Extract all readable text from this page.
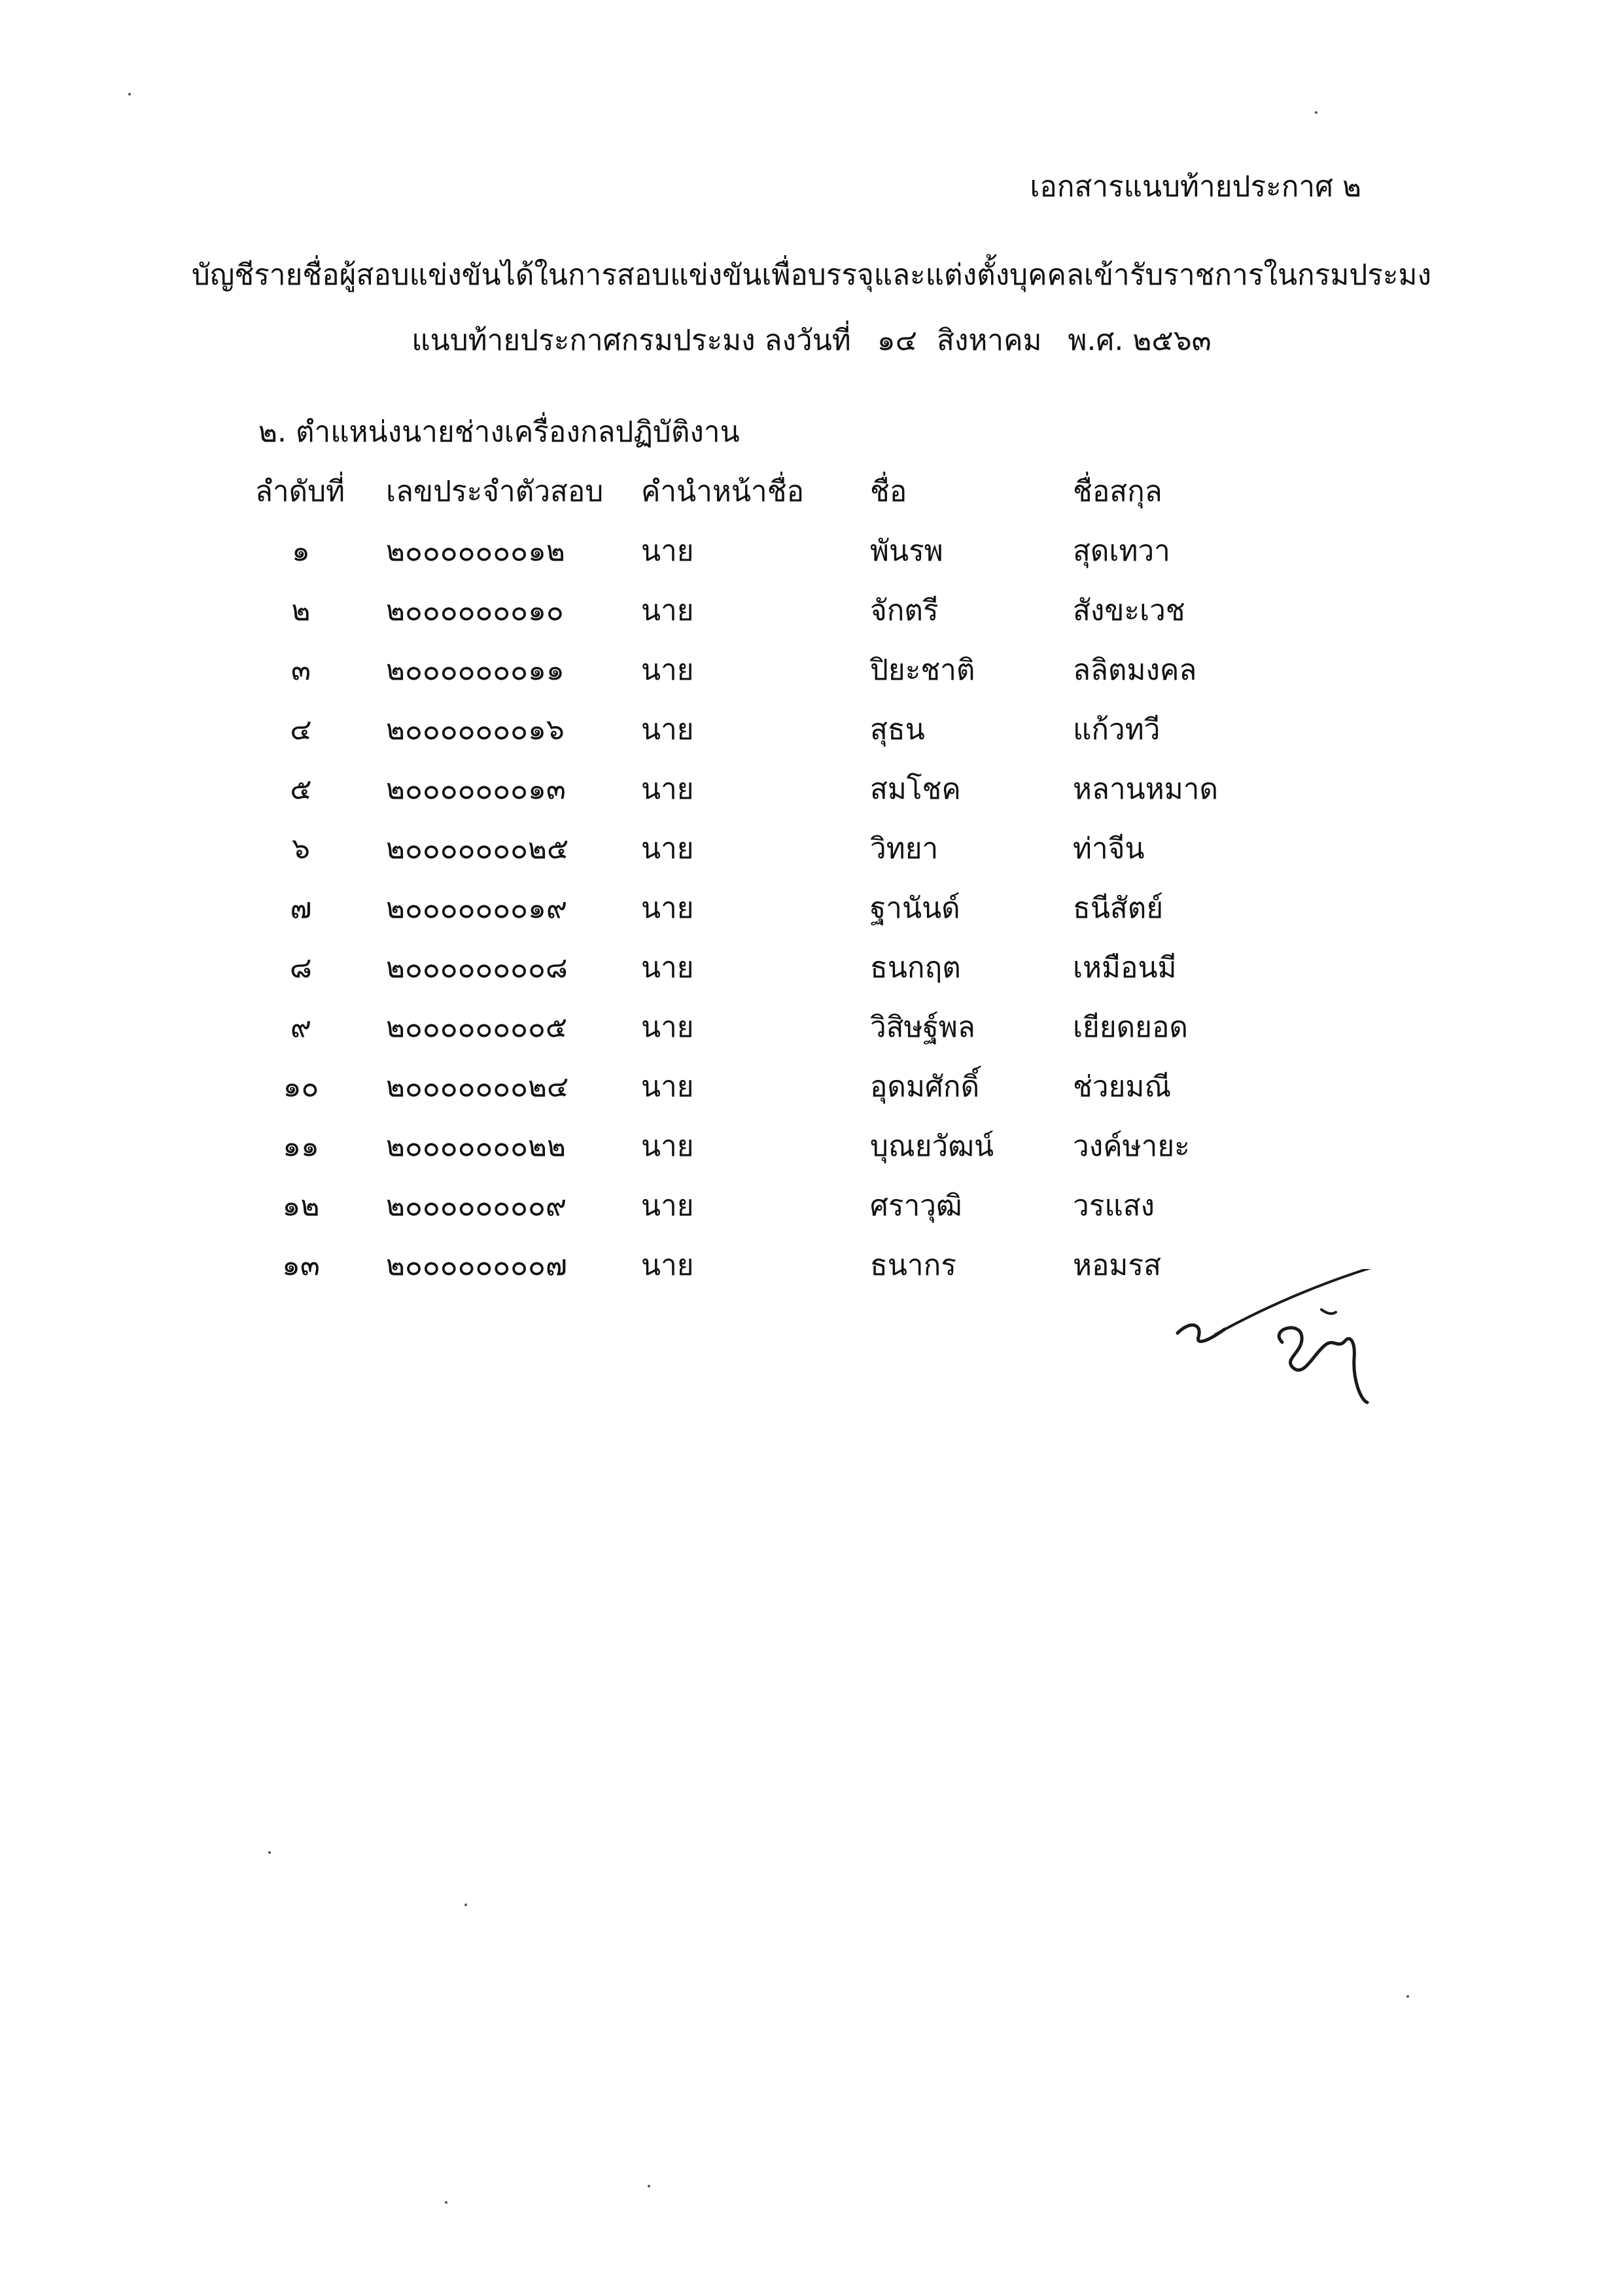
เอกสารแนบท้ายประกาศ ๒
บัญชีรายชื่อผู้สอบแข่งขันได้ในการสอบแข่งขันเพื่อบรรจุและแต่งตั้งบุคคลเข้ารับราชการในกรมประมง
แนบท้ายประกาศกรมประมง ลงวันที่ ๑๔ สิงหาคม พ.ศ. ๒๕๖๓
๒. ตำแหน่งนายช่างเครื่องกลปฏิบัติงาน
ลำดับที่	เลขประจำตัวสอบ	คำนำหน้าชื่อ	ชื่อ	ชื่อสกุล
๑	๒๐๐๐๐๐๐๐๑๒	นาย	พันรพ	สุดเทวา
๒	๒๐๐๐๐๐๐๐๑๐	นาย	จักตรี	สังขะเวช
๓	๒๐๐๐๐๐๐๐๑๑	นาย	ปิยะชาติ	ลลิตมงคล
๔	๒๐๐๐๐๐๐๐๑๖	นาย	สุธน	แก้วทวี
๕	๒๐๐๐๐๐๐๐๑๓	นาย	สมโชค	หลานหมาด
๖	๒๐๐๐๐๐๐๐๒๕	นาย	วิทยา	ท่าจีน
๗	๒๐๐๐๐๐๐๐๑๙	นาย	ฐานันด์	ธนีสัตย์
๘	๒๐๐๐๐๐๐๐๐๘	นาย	ธนกฤต	เหมือนมี
๙	๒๐๐๐๐๐๐๐๐๕	นาย	วิสิษฐ์พล	เยียดยอด
๑๐	๒๐๐๐๐๐๐๐๒๔	นาย	อุดมศักดิ์	ช่วยมณี
๑๑	๒๐๐๐๐๐๐๐๒๒	นาย	บุณยวัฒน์	วงค์ษายะ
๑๒	๒๐๐๐๐๐๐๐๐๙	นาย	ศราวุฒิ	วรแสง
๑๓	๒๐๐๐๐๐๐๐๐๗	นาย	ธนากร	หอมรส
